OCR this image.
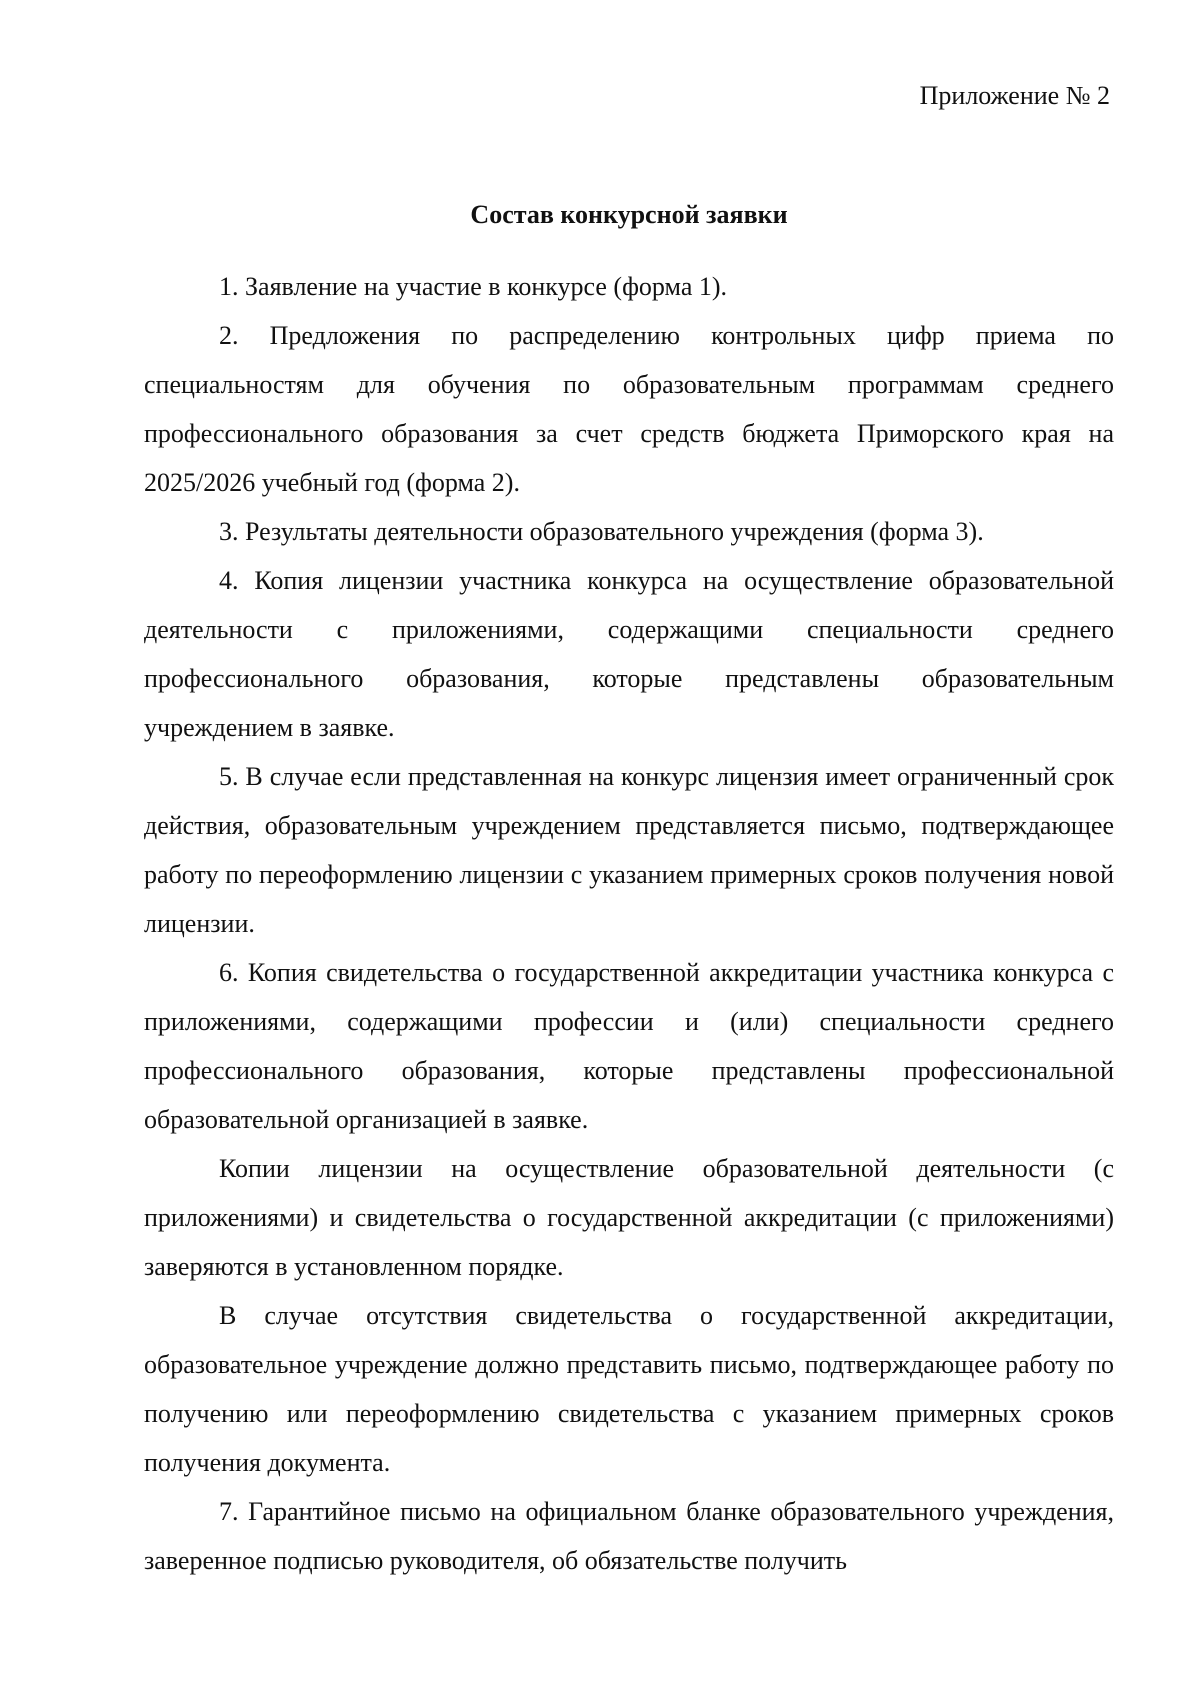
Приложение № 2
Состав конкурсной заявки

1. Заявление на участие в конкурсе (форма 1).

2. Предложения по распределению контрольных цифр приема по специальностям для обучения по образовательным программам среднего профессионального образования за счет средств бюджета Приморского края на 2025/2026 учебный год (форма 2).

3. Результаты деятельности образовательного учреждения (форма 3).

4. Копия лицензии участника конкурса на осуществление образовательной деятельности с приложениями, содержащими специальности среднего профессионального образования, которые представлены образовательным учреждением в заявке.

5. В случае если представленная на конкурс лицензия имеет ограниченный срок действия, образовательным учреждением представляется письмо, подтверждающее работу по переоформлению лицензии с указанием примерных сроков получения новой лицензии.

6. Копия свидетельства о государственной аккредитации участника конкурса с приложениями, содержащими профессии и (или) специальности среднего профессионального образования, которые представлены профессиональной образовательной организацией в заявке.

Копии лицензии на осуществление образовательной деятельности (с приложениями) и свидетельства о государственной аккредитации (с приложениями) заверяются в установленном порядке.

В случае отсутствия свидетельства о государственной аккредитации, образовательное учреждение должно представить письмо, подтверждающее работу по получению или переоформлению свидетельства с указанием примерных сроков получения документа.

7. Гарантийное письмо на официальном бланке образовательного учреждения, заверенное подписью руководителя, об обязательстве получить
